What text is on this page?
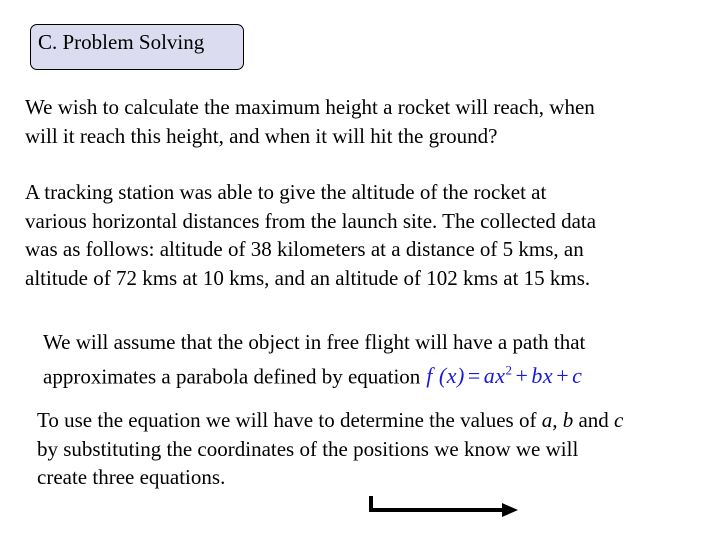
C. Problem Solving

We wish to calculate the maximum height a rocket will reach, when
will it reach this height, and when it will hit the ground?

A tracking station was able to give the altitude of the rocket at
various horizontal distances from the launch site. The collected data
was as follows: altitude of 38 kilometers at a distance of 5 kms, an
altitude of 72 kms at 10 kms, and an altitude of 102 kms at 15 kms.

We will assume that the object in free flight will have a path that
approximates a parabola defined by equation f $(x) = ax^2$ + bx + c

To use the equation we will have to determine the values of a, b and c
by substituting the coordinates of the positions we know we will
create three equations.
